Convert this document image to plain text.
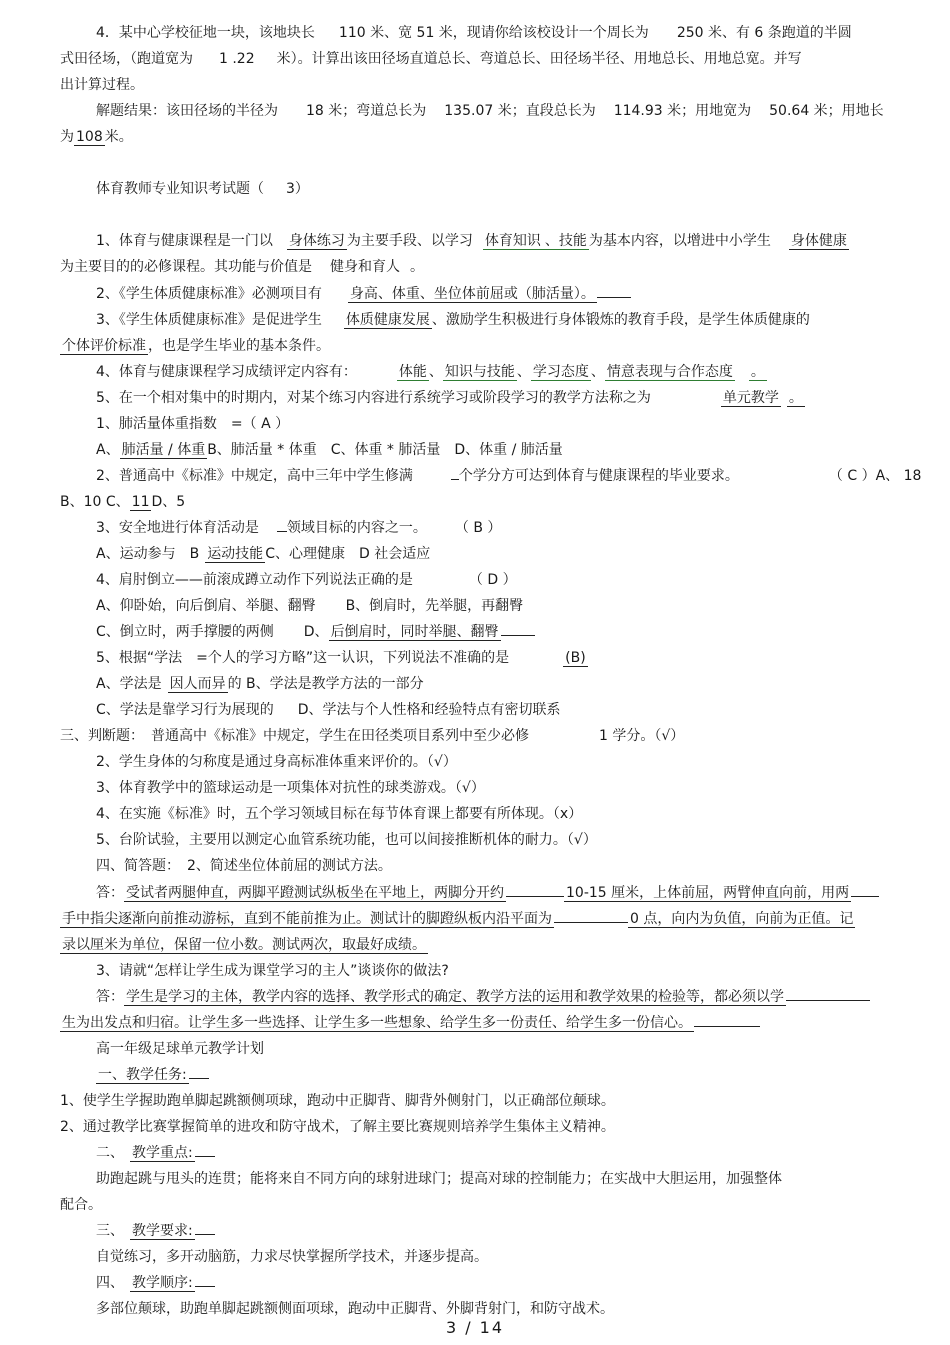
4．某中心学校征地一块，该地块长 110 米、宽 51 米，现请你给该校设计一个周长为 250 米、有 6 条跑道的半圆
式田径场，（跑道宽为 1 .22 米）。计算出该田径场直道总长、弯道总长、田径场半径、用地总长、用地总宽。并写
出计算过程。
解题结果：该田径场的半径为 18 米；弯道总长为 135.07 米；直段总长为 114.93 米；用地宽为 50.64 米；用地长
为 108 米。
体育教师专业知识考试题（ 3）
1、体育与健康课程是一门以 身体练习 为主要手段、以学习 体育知识 、技能 为基本内容，以增进中小学生 身体健康
为主要目的的必修课程。其功能与价值是 健身和育人 。
2、《学生体质健康标准》必测项目有 身高、体重、坐位体前屈或（肺活量）。
3、《学生体质健康标准》是促进学生 体质健康发展 、激励学生积极进行身体锻炼的教育手段，是学生体质健康的
个体评价标准 ，也是学生毕业的基本条件。
4、体育与健康课程学习成绩评定内容有：	体能 、 知识与技能 、 学习态度 、 情意表现与合作态度 。
5、在一个相对集中的时期内，对某个练习内容进行系统学习或阶段学习的教学方法称之为	单元教学 。
1、肺活量体重指数　=（ A ）
A、 肺活量 / 体重 B、肺活量 * 体重　C、体重 * 肺活量　D、体重 / 肺活量
2、普通高中《标准》中规定，高中三年中学生修满	个学分方可达到体育与健康课程的毕业要求。	（ C ）A、 18
B、10 C、 11 D、5
3、安全地进行体育活动是 领域目标的内容之一。 （ B ）
A、运动参与　B 运动技能 C、心理健康　D 社会适应
4、肩肘倒立——前滚成蹲立动作下列说法正确的是	（ D ）
A、仰卧始，向后倒肩、举腿、翻臀 B、倒肩时，先举腿，再翻臀
C、倒立时，两手撑腰的两侧 D、 后倒肩时，同时举腿、翻臀
5、根据“学法　=个人的学习方略”这一认识，下列说法不准确的是	(B)
A、学法是 因人而异 的 B、学法是教学方法的一部分
C、学法是靠学习行为展现的 D、学法与个人性格和经验特点有密切联系
三、判断题：　普通高中《标准》中规定，学生在田径类项目系列中至少必修	1 学分。（√）
2、学生身体的匀称度是通过身高标准体重来评价的。（√）
3、体育教学中的篮球运动是一项集体对抗性的球类游戏。（√）
4、在实施《标准》时，五个学习领域目标在每节体育课上都要有所体现。（x）
5、台阶试验，主要用以测定心血管系统功能，也可以间接推断机体的耐力。（√）
四、简答题：　2、简述坐位体前屈的测试方法。
答： 受试者两腿伸直，两脚平蹬测试纵板坐在平地上，两脚分开约	10-15 厘米，上体前屈，两臂伸直向前，用两
手中指尖逐渐向前推动游标，直到不能前推为止。测试计的脚蹬纵板内沿平面为	0 点，向内为负值，向前为正值。记
录以厘米为单位，保留一位小数。测试两次，取最好成绩。
3、请就“怎样让学生成为课堂学习的主人”谈谈你的做法?
答： 学生是学习的主体，教学内容的选择、教学形式的确定、教学方法的运用和教学效果的检验等，都必须以学
生为出发点和归宿。让学生多一些选择、让学生多一些想象、给学生多一份责任、给学生多一份信心。
高一年级足球单元教学计划
一、教学任务:
1、使学生学握助跑单脚起跳额侧项球，跑动中正脚背、脚背外侧射门，以正确部位颠球。
2、通过教学比赛掌握简单的进攻和防守战术，了解主要比赛规则培养学生集体主义精神。
二、 教学重点:
助跑起跳与甩头的连贯；能将来自不同方向的球射进球门；提高对球的控制能力；在实战中大胆运用，加强整体
配合。
三、 教学要求:
自觉练习，多开动脑筋，力求尽快掌握所学技术，并逐步提高。
四、 教学顺序:
多部位颠球，助跑单脚起跳额侧面项球，跑动中正脚背、外脚背射门，和防守战术。
3 / 14
